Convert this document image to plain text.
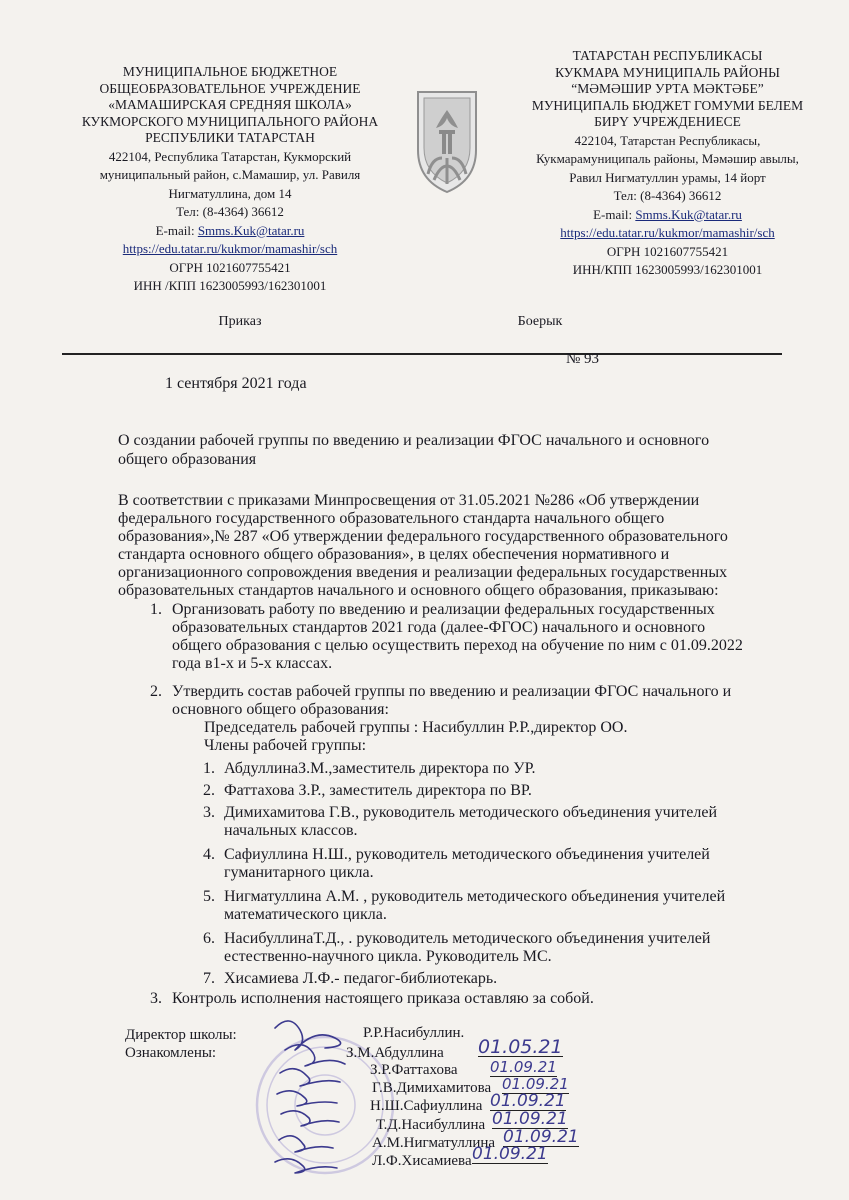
МУНИЦИПАЛЬНОЕ БЮДЖЕТНОЕ
ОБЩЕОБРАЗОВАТЕЛЬНОЕ УЧРЕЖДЕНИЕ
«МАМАШИРСКАЯ СРЕДНЯЯ ШКОЛА»
КУКМОРСКОГО МУНИЦИПАЛЬНОГО РАЙОНА
РЕСПУБЛИКИ ТАТАРСТАН
422104, Республика Татарстан, Кукморский
муниципальный район, с.Мамашир, ул. Равиля
Нигматуллина, дом 14
Тел: (8-4364) 36612
E-mail: Smms.Kuk@tatar.ru
https://edu.tatar.ru/kukmor/mamashir/sch
ОГРН 1021607755421
ИНН /КПП 1623005993/162301001
Приказ
ТАТАРСТАН РЕСПУБЛИКАСЫ
КУКМАРА МУНИЦИПАЛЬ РАЙОНЫ
“МӘМӘШИР УРТА МӘКТӘБЕ”
МУНИЦИПАЛЬ БЮДЖЕТ ГОМУМИ БЕЛЕМ
БИРҮ УЧРЕЖДЕНИЕСЕ
422104, Татарстан Республикасы,
Кукмарамуниципаль районы, Мәмәшир авылы,
Равил Нигматуллин урамы, 14 йорт
Тел: (8-4364) 36612
E-mail: Smms.Kuk@tatar.ru
https://edu.tatar.ru/kukmor/mamashir/sch
ОГРН 1021607755421
ИНН/КПП 1623005993/162301001
Боерык
№ 93
1 сентября 2021 года
О создании рабочей группы по введению и реализации ФГОС начального и основного
общего образования
В соответствии с приказами Минпросвещения от 31.05.2021 №286 «Об утверждении
федерального государственного образовательного стандарта начального общего
образования»,№ 287 «Об утверждении федерального государственного образовательного
стандарта основного общего образования», в целях обеспечения нормативного и
организационного сопровождения введения и реализации федеральных государственных
образовательных стандартов начального и основного общего образования, приказываю:
1. Организовать работу по введению и реализации федеральных государственных
образовательных стандартов 2021 года (далее-ФГОС) начального и основного
общего образования с целью осуществить переход на обучение по ним с 01.09.2022
года в1-х и 5-х классах.
2. Утвердить состав рабочей группы по введению и реализации ФГОС начального и
основного общего образования:
Председатель рабочей группы : Насибуллин Р.Р.,директор ОО.
Члены рабочей группы:
1. АбдуллинаЗ.М.,заместитель директора по УР.
2. Фаттахова З.Р., заместитель директора по ВР.
3. Димихамитова Г.В., руководитель методического объединения учителей
начальных классов.
4. Сафиуллина Н.Ш., руководитель методического объединения учителей
гуманитарного цикла.
5. Нигматуллина А.М. , руководитель методического объединения учителей
математического цикла.
6. НасибуллинаТ.Д., . руководитель методического объединения учителей
естественно-научного цикла. Руководитель МС.
7. Хисамиева Л.Ф.- педагог-библиотекарь.
3. Контроль исполнения настоящего приказа оставляю за собой.
Директор школы:	Р.Р.Насибуллин.
Ознакомлены:	З.М.Абдуллина 01.05.21
З.Р.Фаттахова 01.09.21
Г.В.Димихамитова 01.09.21
Н.Ш.Сафиуллина 01.09.21
Т.Д.Насибуллина 01.09.21
А.М.Нигматуллина 01.09.21
Л.Ф.Хисамиева 01.09.21
